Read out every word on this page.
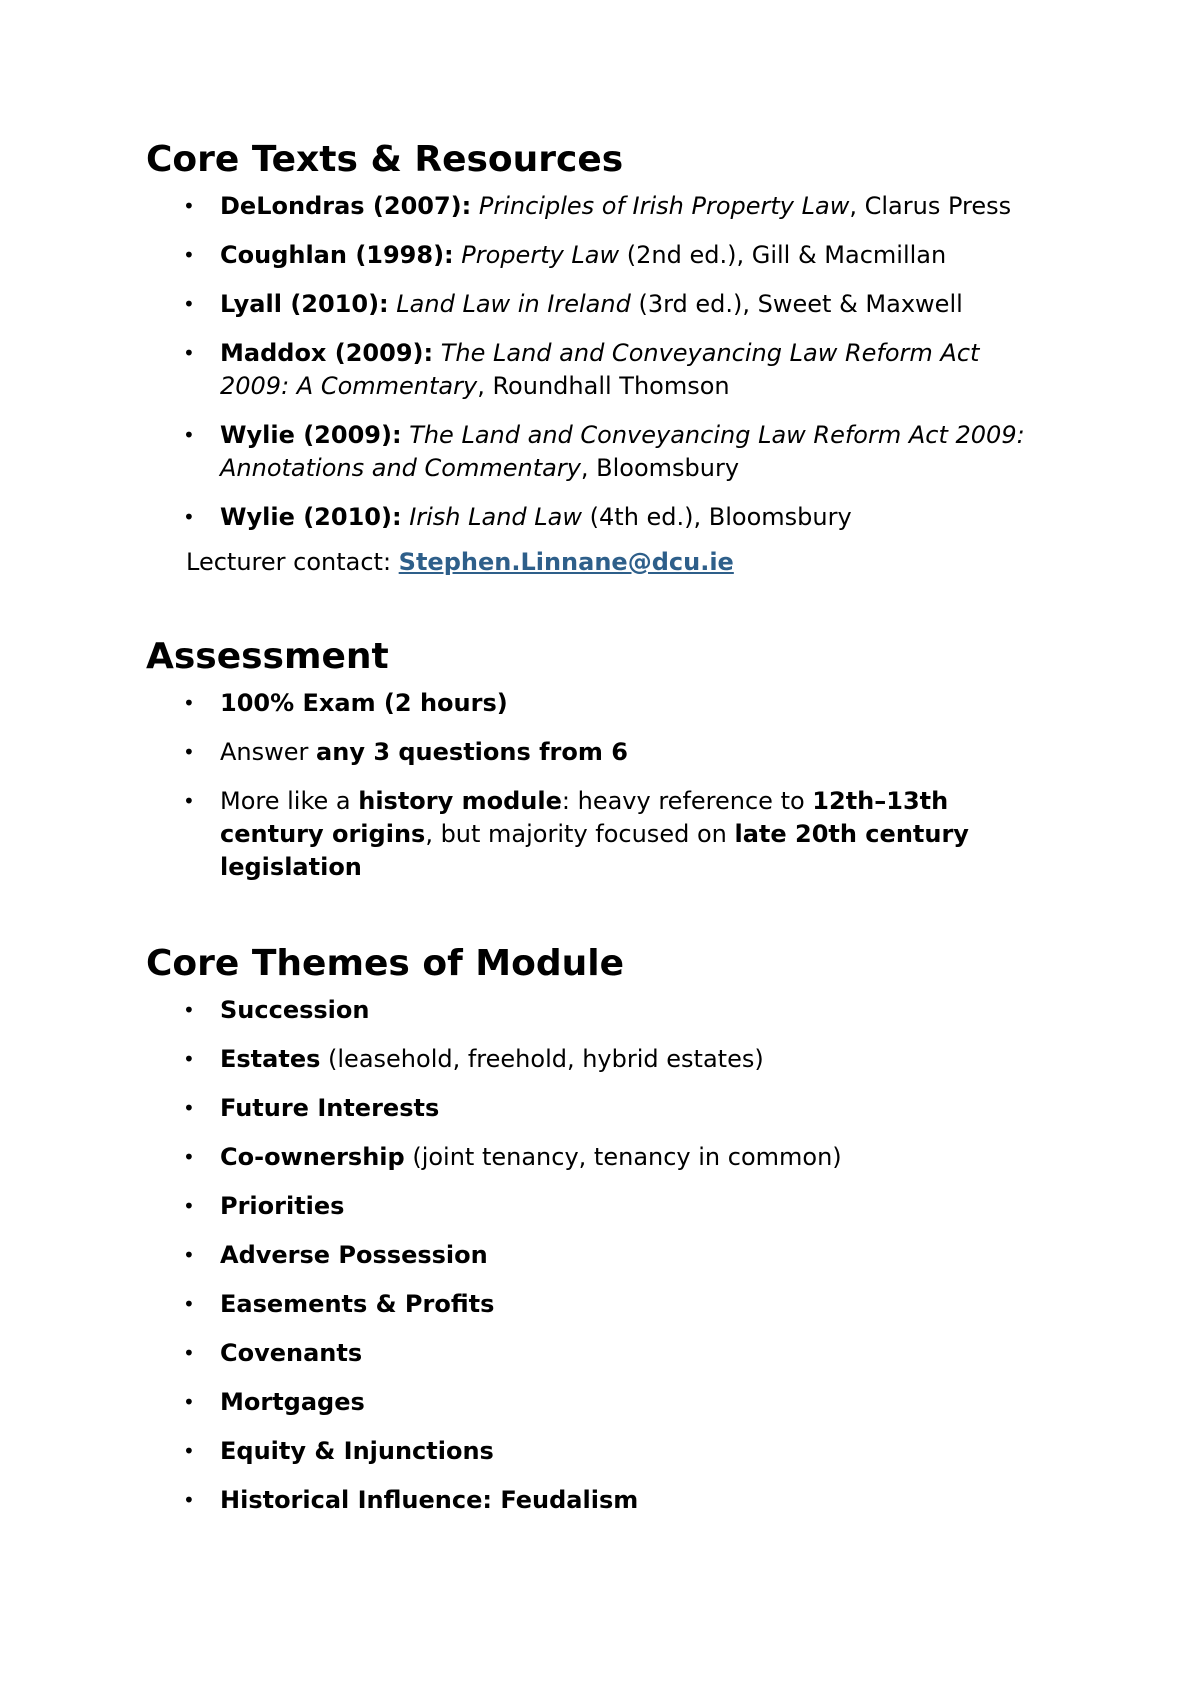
Core Texts & Resources
• DeLondras (2007): Principles of Irish Property Law, Clarus Press
• Coughlan (1998): Property Law (2nd ed.), Gill & Macmillan
• Lyall (2010): Land Law in Ireland (3rd ed.), Sweet & Maxwell
• Maddox (2009): The Land and Conveyancing Law Reform Act 2009: A Commentary, Roundhall Thomson
• Wylie (2009): The Land and Conveyancing Law Reform Act 2009: Annotations and Commentary, Bloomsbury
• Wylie (2010): Irish Land Law (4th ed.), Bloomsbury
Lecturer contact: Stephen.Linnane@dcu.ie
Assessment
• 100% Exam (2 hours)
• Answer any 3 questions from 6
• More like a history module: heavy reference to 12th–13th century origins, but majority focused on late 20th century legislation
Core Themes of Module
• Succession
• Estates (leasehold, freehold, hybrid estates)
• Future Interests
• Co-ownership (joint tenancy, tenancy in common)
• Priorities
• Adverse Possession
• Easements & Profits
• Covenants
• Mortgages
• Equity & Injunctions
• Historical Influence: Feudalism
